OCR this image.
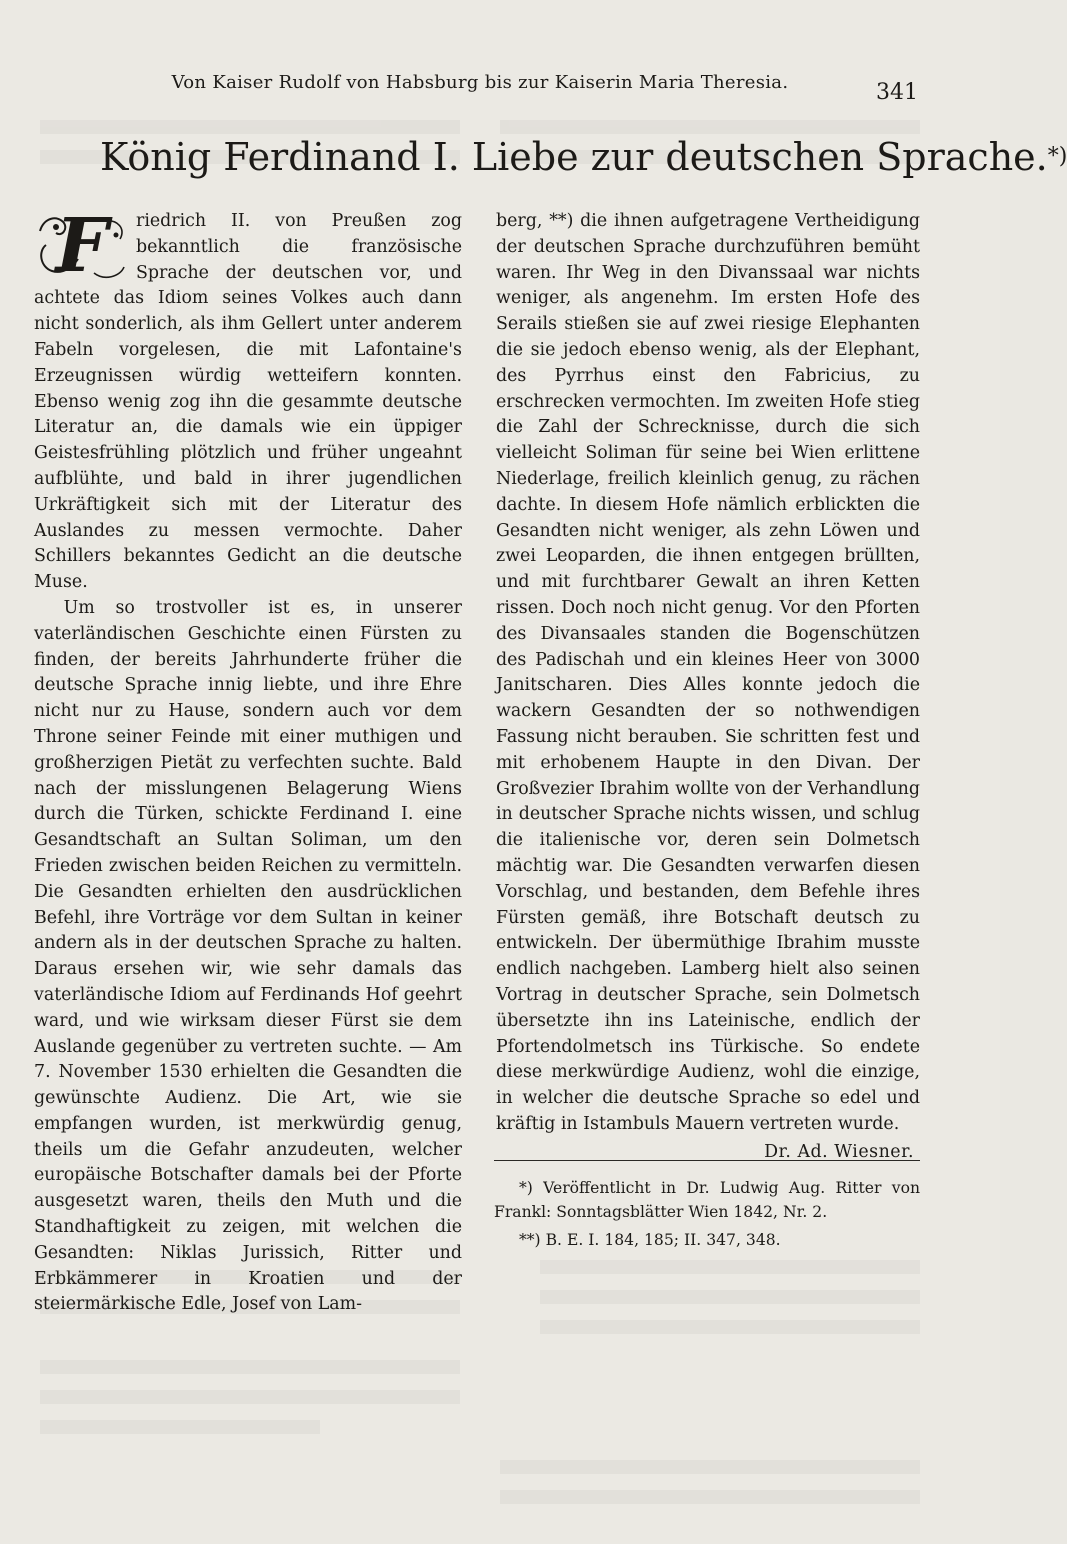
Von Kaiser Rudolf von Habsburg bis zur Kaiserin Maria Theresia.	341
König Ferdinand I. Liebe zur deutschen Sprache.*)
F	riedrich II. von Preußen zog bekanntlich die französische Sprache der deutschen vor, und achtete das Idiom seines Volkes auch dann nicht sonderlich, als ihm Gellert unter anderem Fabeln vorgelesen, die mit Lafontaine's Erzeugnissen würdig wetteifern konnten. Ebenso wenig zog ihn die gesammte deutsche Literatur an, die damals wie ein üppiger Geistesfrühling plötzlich und früher ungeahnt aufblühte, und bald in ihrer jugendlichen Urkräftigkeit sich mit der Literatur des Auslandes zu messen vermochte. Daher Schillers bekanntes Gedicht an die deutsche Muse.

Um so trostvoller ist es, in unserer vaterländischen Geschichte einen Fürsten zu finden, der bereits Jahrhunderte früher die deutsche Sprache innig liebte, und ihre Ehre nicht nur zu Hause, sondern auch vor dem Throne seiner Feinde mit einer muthigen und großherzigen Pietät zu verfechten suchte. Bald nach der misslungenen Belagerung Wiens durch die Türken, schickte Ferdinand I. eine Gesandtschaft an Sultan Soliman, um den Frieden zwischen beiden Reichen zu vermitteln. Die Gesandten erhielten den ausdrücklichen Befehl, ihre Vorträge vor dem Sultan in keiner andern als in der deutschen Sprache zu halten. Daraus ersehen wir, wie sehr damals das vaterländische Idiom auf Ferdinands Hof geehrt ward, und wie wirksam dieser Fürst sie dem Auslande gegenüber zu vertreten suchte. — Am 7. November 1530 erhielten die Gesandten die gewünschte Audienz. Die Art, wie sie empfangen wurden, ist merkwürdig genug, theils um die Gefahr anzudeuten, welcher europäische Botschafter damals bei der Pforte ausgesetzt waren, theils den Muth und die Standhaftigkeit zu zeigen, mit welchen die Gesandten: Niklas Jurissich, Ritter und Erbkämmerer in Kroatien und der steiermärkische Edle, Josef von Lam-

berg, **) die ihnen aufgetragene Vertheidigung der deutschen Sprache durchzuführen bemüht waren. Ihr Weg in den Divanssaal war nichts weniger, als angenehm. Im ersten Hofe des Serails stießen sie auf zwei riesige Elephanten die sie jedoch ebenso wenig, als der Elephant, des Pyrrhus einst den Fabricius, zu erschrecken vermochten. Im zweiten Hofe stieg die Zahl der Schrecknisse, durch die sich vielleicht Soliman für seine bei Wien erlittene Niederlage, freilich kleinlich genug, zu rächen dachte. In diesem Hofe nämlich erblickten die Gesandten nicht weniger, als zehn Löwen und zwei Leoparden, die ihnen entgegen brüllten, und mit furchtbarer Gewalt an ihren Ketten rissen. Doch noch nicht genug. Vor den Pforten des Divansaales standen die Bogenschützen des Padischah und ein kleines Heer von 3000 Janitscharen. Dies Alles konnte jedoch die wackern Gesandten der so nothwendigen Fassung nicht berauben. Sie schritten fest und mit erhobenem Haupte in den Divan. Der Großvezier Ibrahim wollte von der Verhandlung in deutscher Sprache nichts wissen, und schlug die italienische vor, deren sein Dolmetsch mächtig war. Die Gesandten verwarfen diesen Vorschlag, und bestanden, dem Befehle ihres Fürsten gemäß, ihre Botschaft deutsch zu entwickeln. Der übermüthige Ibrahim musste endlich nachgeben. Lamberg hielt also seinen Vortrag in deutscher Sprache, sein Dolmetsch übersetzte ihn ins Lateinische, endlich der Pfortendolmetsch ins Türkische. So endete diese merkwürdige Audienz, wohl die einzige, in welcher die deutsche Sprache so edel und kräftig in Istambuls Mauern vertreten wurde.

Dr. Ad. Wiesner.

*) Veröffentlicht in Dr. Ludwig Aug. Ritter von Frankl: Sonntagsblätter Wien 1842, Nr. 2.

**) B. E. I. 184, 185; II. 347, 348.
